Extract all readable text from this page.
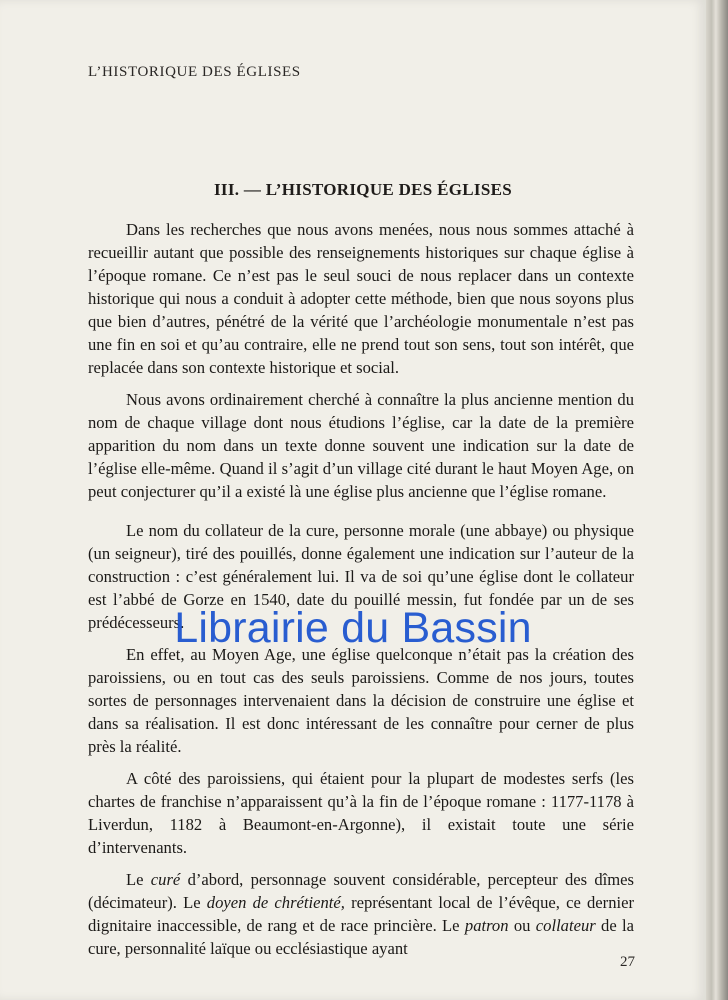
L’HISTORIQUE DES ÉGLISES
III. — L’HISTORIQUE DES ÉGLISES

Dans les recherches que nous avons menées, nous nous sommes attaché à recueillir autant que possible des renseignements historiques sur chaque église à l’époque romane. Ce n’est pas le seul souci de nous replacer dans un contexte historique qui nous a conduit à adopter cette méthode, bien que nous soyons plus que bien d’autres, pénétré de la vérité que l’archéologie monumentale n’est pas une fin en soi et qu’au contraire, elle ne prend tout son sens, tout son intérêt, que replacée dans son contexte historique et social.

Nous avons ordinairement cherché à connaître la plus ancienne mention du nom de chaque village dont nous étudions l’église, car la date de la première apparition du nom dans un texte donne souvent une indication sur la date de l’église elle-même. Quand il s’agit d’un village cité durant le haut Moyen Age, on peut conjecturer qu’il a existé là une église plus ancienne que l’église romane.

Le nom du collateur de la cure, personne morale (une abbaye) ou physique (un seigneur), tiré des pouillés, donne également une indication sur l’auteur de la construction : c’est généralement lui. Il va de soi qu’une église dont le collateur est l’abbé de Gorze en 1540, date du pouillé messin, fut fondée par un de ses prédécesseurs.

En effet, au Moyen Age, une église quelconque n’était pas la création des paroissiens, ou en tout cas des seuls paroissiens. Comme de nos jours, toutes sortes de personnages intervenaient dans la décision de construire une église et dans sa réalisation. Il est donc intéressant de les connaître pour cerner de plus près la réalité.

A côté des paroissiens, qui étaient pour la plupart de modestes serfs (les chartes de franchise n’apparaissent qu’à la fin de l’époque romane : 1177-1178 à Liverdun, 1182 à Beaumont-en-Argonne), il existait toute une série d’intervenants.

Le curé d’abord, personnage souvent considérable, percepteur des dîmes (décimateur). Le doyen de chrétienté, représentant local de l’évêque, ce dernier dignitaire inaccessible, de rang et de race princière. Le patron ou collateur de la cure, personnalité laïque ou ecclésiastique ayant

Librairie du Bassin
27
